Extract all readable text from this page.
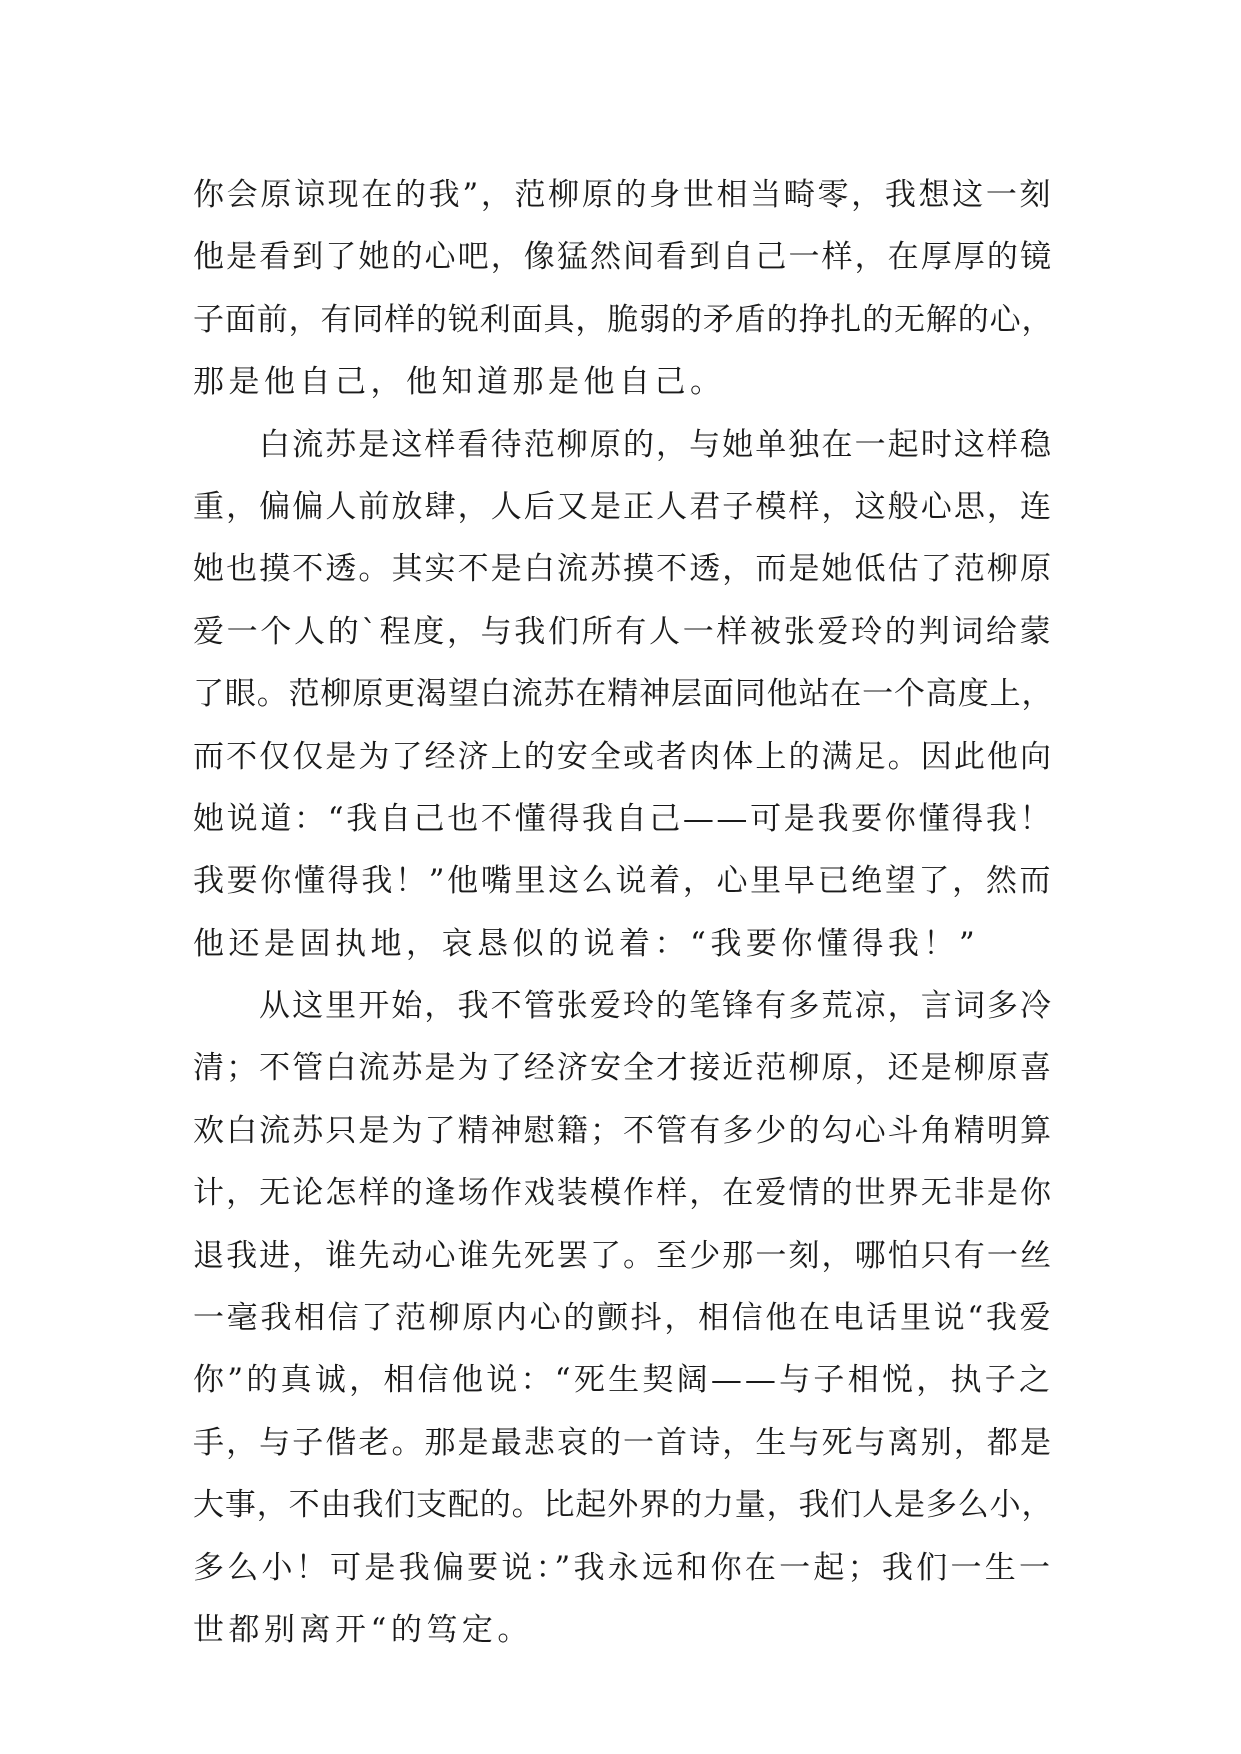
你会原谅现在的我”，范柳原的身世相当畸零，我想这一刻
他是看到了她的心吧，像猛然间看到自己一样，在厚厚的镜
子面前，有同样的锐利面具，脆弱的矛盾的挣扎的无解的心，
那是他自己，他知道那是他自己。
白流苏是这样看待范柳原的，与她单独在一起时这样稳
重，偏偏人前放肆，人后又是正人君子模样，这般心思，连
她也摸不透。其实不是白流苏摸不透，而是她低估了范柳原
爱一个人的`程度，与我们所有人一样被张爱玲的判词给蒙
了眼。范柳原更渴望白流苏在精神层面同他站在一个高度上，
而不仅仅是为了经济上的安全或者肉体上的满足。因此他向
她说道：“我自己也不懂得我自己——可是我要你懂得我！
我要你懂得我！”他嘴里这么说着，心里早已绝望了，然而
他还是固执地，哀恳似的说着：“我要你懂得我！”
从这里开始，我不管张爱玲的笔锋有多荒凉，言词多冷
清；不管白流苏是为了经济安全才接近范柳原，还是柳原喜
欢白流苏只是为了精神慰籍；不管有多少的勾心斗角精明算
计，无论怎样的逢场作戏装模作样，在爱情的世界无非是你
退我进，谁先动心谁先死罢了。至少那一刻，哪怕只有一丝
一毫我相信了范柳原内心的颤抖，相信他在电话里说“我爱
你”的真诚，相信他说：“死生契阔——与子相悦，执子之
手，与子偕老。那是最悲哀的一首诗，生与死与离别，都是
大事，不由我们支配的。比起外界的力量，我们人是多么小，
多么小！可是我偏要说：”我永远和你在一起；我们一生一
世都别离开“的笃定。
